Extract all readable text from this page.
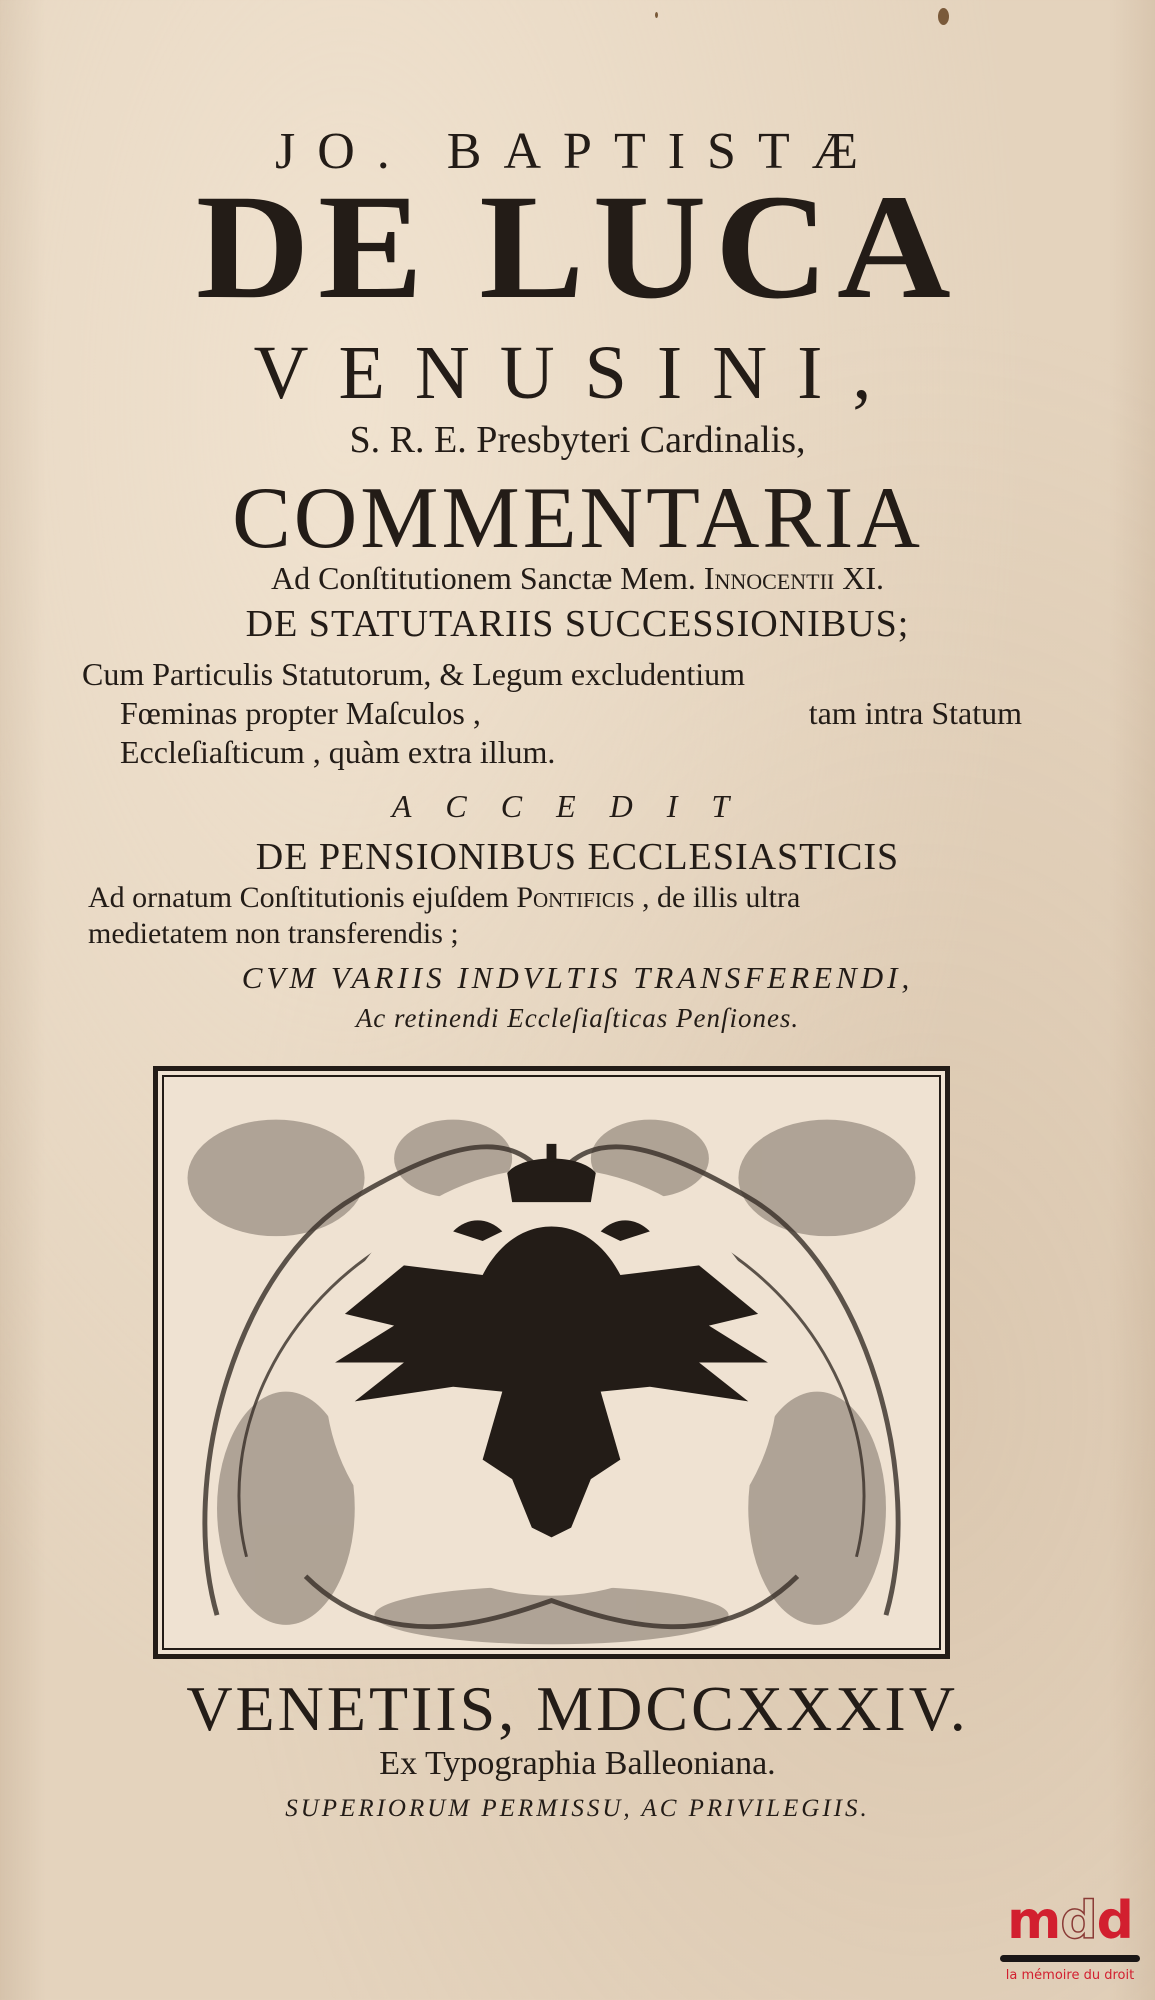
JO. BAPTISTÆ
DE LUCA
VENUSINI,
S. R. E. Presbyteri Cardinalis,
COMMENTARIA
Ad Conſtitutionem Sanctæ Mem. Innocentii XI.
DE STATUTARIIS SUCCESSIONIBUS;
Cum Particulis Statutorum, & Legum excludentium
Fœminas propter Maſculos ,	tam intra Statum
Eccleſiaſticum , quàm extra illum.
ACCEDIT
DE PENSIONIBUS ECCLESIASTICIS
Ad ornatum Conſtitutionis ejuſdem Pontificis , de illis ultra
medietatem non transferendis ;
CVM VARIIS INDVLTIS TRANSFERENDI,
Ac retinendi Eccleſiaſticas Penſiones.
VENETIIS, MDCCXXXIV.
Ex Typographia Balleoniana.
SUPERIORUM PERMISSU, AC PRIVILEGIIS.
mdd
la mémoire du droit
